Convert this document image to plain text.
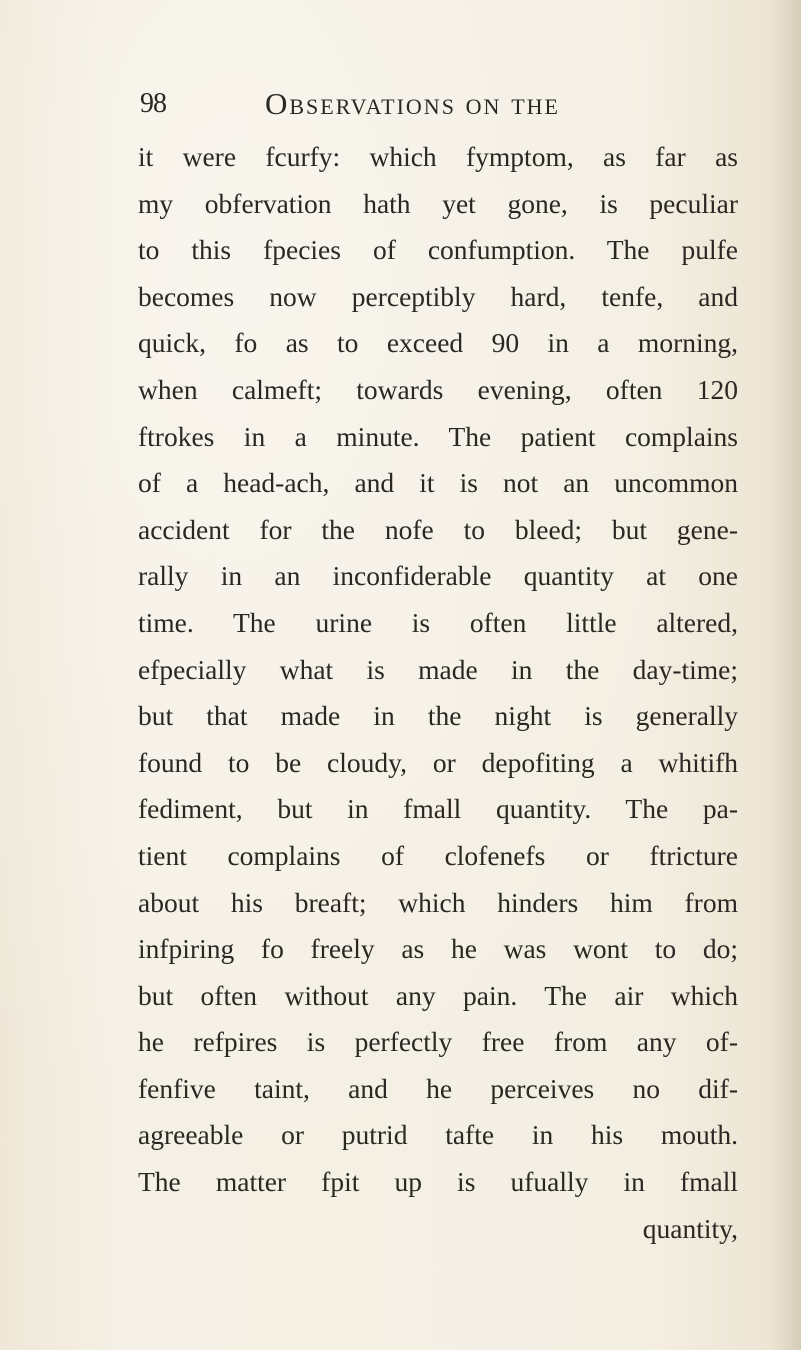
98	Observations on the
it were fcurfy: which fymptom, as far as
my obfervation hath yet gone, is peculiar
to this fpecies of confumption. The pulfe
becomes now perceptibly hard, tenfe, and
quick, fo as to exceed 90 in a morning,
when calmeft; towards evening, often 120
ftrokes in a minute. The patient complains
of a head-ach, and it is not an uncommon
accident for the nofe to bleed; but gene-
rally in an inconfiderable quantity at one
time. The urine is often little altered,
efpecially what is made in the day-time;
but that made in the night is generally
found to be cloudy, or depofiting a whitifh
fediment, but in fmall quantity. The pa-
tient complains of clofenefs or ftricture
about his breaft; which hinders him from
infpiring fo freely as he was wont to do;
but often without any pain. The air which
he refpires is perfectly free from any of-
fenfive taint, and he perceives no dif-
agreeable or putrid tafte in his mouth.
The matter fpit up is ufually in fmall
quantity,
